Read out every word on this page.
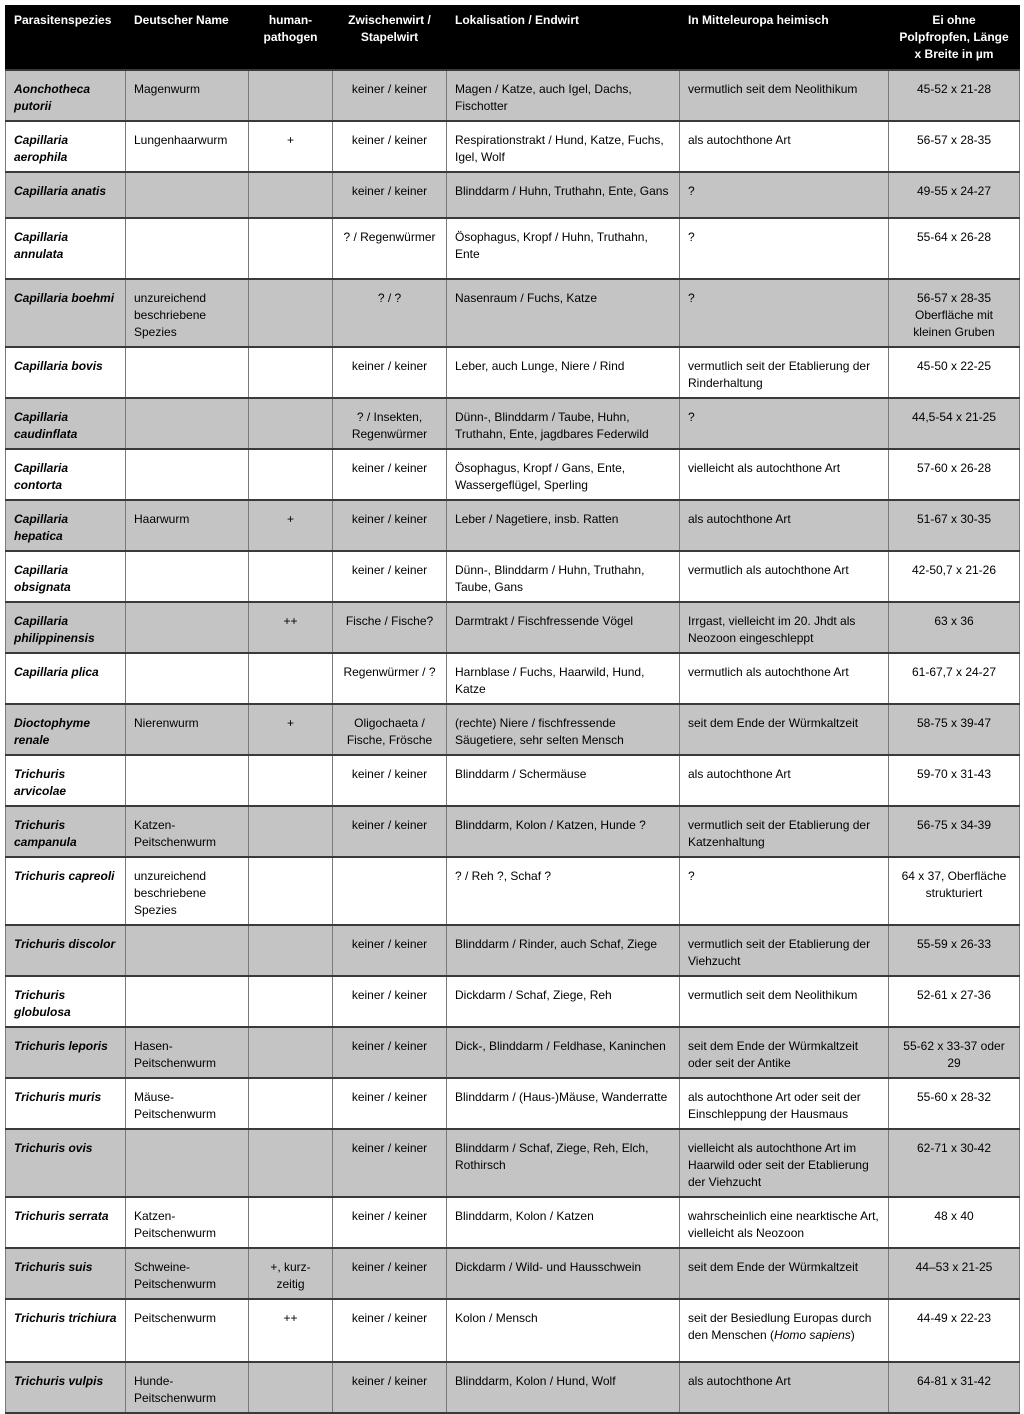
Parasitenspezies	Deutscher Name	human-pathogen	Zwischenwirt / Stapelwirt	Lokalisation / Endwirt	In Mitteleuropa heimisch	Ei ohne Polpfropfen, Länge x Breite in µm
Aonchotheca putorii	Magenwurm		keiner / keiner	Magen / Katze, auch Igel, Dachs, Fischotter	vermutlich seit dem Neolithikum	45-52 x 21-28
Capillaria aerophila	Lungenhaarwurm	+	keiner / keiner	Respirationstrakt / Hund, Katze, Fuchs, Igel, Wolf	als autochthone Art	56-57 x 28-35
Capillaria anatis			keiner / keiner	Blinddarm / Huhn, Truthahn, Ente, Gans	?	49-55 x 24-27
Capillaria annulata			? / Regenwürmer	Ösophagus, Kropf / Huhn, Truthahn, Ente	?	55-64 x 26-28
Capillaria boehmi	unzureichend beschriebene Spezies		? / ?	Nasenraum / Fuchs, Katze	?	56-57 x 28-35 Oberfläche mit kleinen Gruben
Capillaria bovis			keiner / keiner	Leber, auch Lunge, Niere / Rind	vermutlich seit der Etablierung der Rinderhaltung	45-50 x 22-25
Capillaria caudinflata			? / Insekten, Regenwürmer	Dünn-, Blinddarm / Taube, Huhn, Truthahn, Ente, jagdbares Federwild	?	44,5-54 x 21-25
Capillaria contorta			keiner / keiner	Ösophagus, Kropf / Gans, Ente, Wassergeflügel, Sperling	vielleicht als autochthone Art	57-60 x 26-28
Capillaria hepatica	Haarwurm	+	keiner / keiner	Leber / Nagetiere, insb. Ratten	als autochthone Art	51-67 x 30-35
Capillaria obsignata			keiner / keiner	Dünn-, Blinddarm / Huhn, Truthahn, Taube, Gans	vermutlich als autochthone Art	42-50,7 x 21-26
Capillaria philippinensis		++	Fische / Fische?	Darmtrakt / Fischfressende Vögel	Irrgast, vielleicht im 20. Jhdt als Neozoon eingeschleppt	63 x 36
Capillaria plica			Regenwürmer / ?	Harnblase / Fuchs, Haarwild, Hund, Katze	vermutlich als autochthone Art	61-67,7 x 24-27
Dioctophyme renale	Nierenwurm	+	Oligochaeta / Fische, Frösche	(rechte) Niere / fischfressende Säugetiere, sehr selten Mensch	seit dem Ende der Würmkaltzeit	58-75 x 39-47
Trichuris arvicolae			keiner / keiner	Blinddarm / Schermäuse	als autochthone Art	59-70 x 31-43
Trichuris campanula	Katzen-Peitschenwurm		keiner / keiner	Blinddarm, Kolon / Katzen, Hunde ?	vermutlich seit der Etablierung der Katzenhaltung	56-75 x 34-39
Trichuris capreoli	unzureichend beschriebene Spezies			? / Reh ?, Schaf ?	?	64 x 37, Oberfläche strukturiert
Trichuris discolor			keiner / keiner	Blinddarm / Rinder, auch Schaf, Ziege	vermutlich seit der Etablierung der Viehzucht	55-59 x 26-33
Trichuris globulosa			keiner / keiner	Dickdarm / Schaf, Ziege, Reh	vermutlich seit dem Neolithikum	52-61 x 27-36
Trichuris leporis	Hasen-Peitschenwurm		keiner / keiner	Dick-, Blinddarm / Feldhase, Kaninchen	seit dem Ende der Würmkaltzeit oder seit der Antike	55-62 x 33-37 oder 29
Trichuris muris	Mäuse-Peitschenwurm		keiner / keiner	Blinddarm / (Haus-)Mäuse, Wanderratte	als autochthone Art oder seit der Einschleppung der Hausmaus	55-60 x 28-32
Trichuris ovis			keiner / keiner	Blinddarm / Schaf, Ziege, Reh, Elch, Rothirsch	vielleicht als autochthone Art im Haarwild oder seit der Etablierung der Viehzucht	62-71 x 30-42
Trichuris serrata	Katzen-Peitschenwurm		keiner / keiner	Blinddarm, Kolon / Katzen	wahrscheinlich eine nearktische Art, vielleicht als Neozoon	48 x 40
Trichuris suis	Schweine-Peitschenwurm	+, kurz-zeitig	keiner / keiner	Dickdarm / Wild- und Hausschwein	seit dem Ende der Würmkaltzeit	44–53 x 21-25
Trichuris trichiura	Peitschenwurm	++	keiner / keiner	Kolon / Mensch	seit der Besiedlung Europas durch den Menschen (Homo sapiens)	44-49 x 22-23
Trichuris vulpis	Hunde-Peitschenwurm		keiner / keiner	Blinddarm, Kolon / Hund, Wolf	als autochthone Art	64-81 x 31-42
